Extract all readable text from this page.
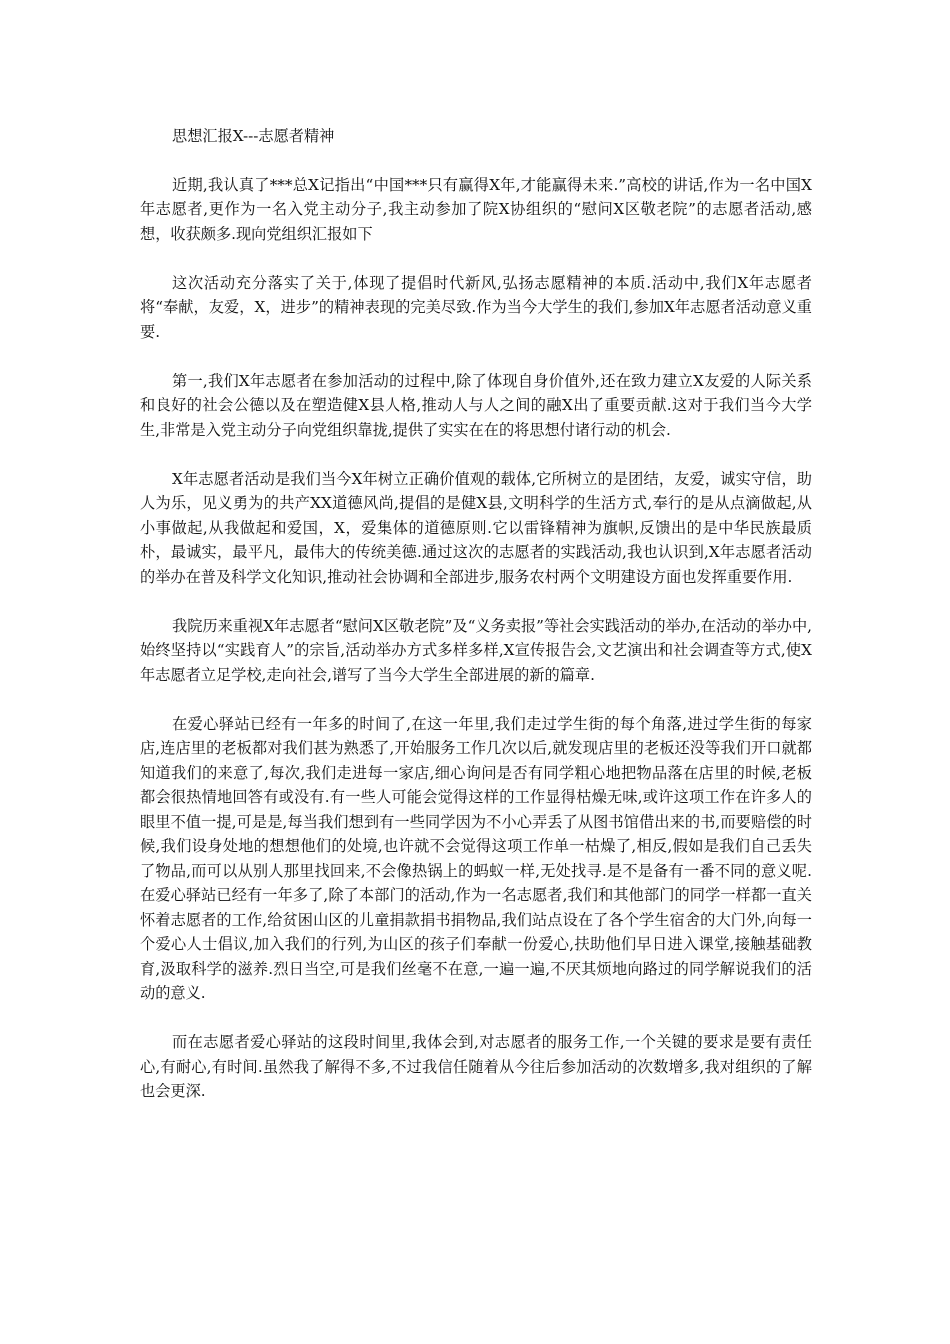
思想汇报X---志愿者精神

近期,我认真了***总X记指出“中国***只有赢得X年,才能赢得未来.”高校的讲话,作为一名中国X年志愿者,更作为一名入党主动分子,我主动参加了院X协组织的“慰问X区敬老院”的志愿者活动,感想，收获颇多.现向党组织汇报如下

这次活动充分落实了关于,体现了提倡时代新风,弘扬志愿精神的本质.活动中,我们X年志愿者将“奉献，友爱，X，进步”的精神表现的完美尽致.作为当今大学生的我们,参加X年志愿者活动意义重要.

第一,我们X年志愿者在参加活动的过程中,除了体现自身价值外,还在致力建立X友爱的人际关系和良好的社会公德以及在塑造健X县人格,推动人与人之间的融X出了重要贡献.这对于我们当今大学生,非常是入党主动分子向党组织靠拢,提供了实实在在的将思想付诸行动的机会.

X年志愿者活动是我们当今X年树立正确价值观的载体,它所树立的是团结，友爱，诚实守信，助人为乐，见义勇为的共产XX道德风尚,提倡的是健X县,文明科学的生活方式,奉行的是从点滴做起,从小事做起,从我做起和爱国，X，爱集体的道德原则.它以雷锋精神为旗帜,反馈出的是中华民族最质朴，最诚实，最平凡，最伟大的传统美德.通过这次的志愿者的实践活动,我也认识到,X年志愿者活动的举办在普及科学文化知识,推动社会协调和全部进步,服务农村两个文明建设方面也发挥重要作用.

我院历来重视X年志愿者“慰问X区敬老院”及“义务卖报”等社会实践活动的举办,在活动的举办中,始终坚持以“实践育人”的宗旨,活动举办方式多样多样,X宣传报告会,文艺演出和社会调查等方式,使X年志愿者立足学校,走向社会,谱写了当今大学生全部进展的新的篇章.

在爱心驿站已经有一年多的时间了,在这一年里,我们走过学生街的每个角落,进过学生街的每家店,连店里的老板都对我们甚为熟悉了,开始服务工作几次以后,就发现店里的老板还没等我们开口就都知道我们的来意了,每次,我们走进每一家店,细心询问是否有同学粗心地把物品落在店里的时候,老板都会很热情地回答有或没有.有一些人可能会觉得这样的工作显得枯燥无味,或许这项工作在许多人的眼里不值一提,可是是,每当我们想到有一些同学因为不小心弄丢了从图书馆借出来的书,而要赔偿的时候,我们设身处地的想想他们的处境,也许就不会觉得这项工作单一枯燥了,相反,假如是我们自己丢失了物品,而可以从别人那里找回来,不会像热锅上的蚂蚁一样,无处找寻.是不是备有一番不同的意义呢.在爱心驿站已经有一年多了,除了本部门的活动,作为一名志愿者,我们和其他部门的同学一样都一直关怀着志愿者的工作,给贫困山区的儿童捐款捐书捐物品,我们站点设在了各个学生宿舍的大门外,向每一个爱心人士倡议,加入我们的行列,为山区的孩子们奉献一份爱心,扶助他们早日进入课堂,接触基础教育,汲取科学的滋养.烈日当空,可是我们丝毫不在意,一遍一遍,不厌其烦地向路过的同学解说我们的活动的意义.

而在志愿者爱心驿站的这段时间里,我体会到,对志愿者的服务工作,一个关键的要求是要有责任心,有耐心,有时间.虽然我了解得不多,不过我信任随着从今往后参加活动的次数增多,我对组织的了解也会更深.
